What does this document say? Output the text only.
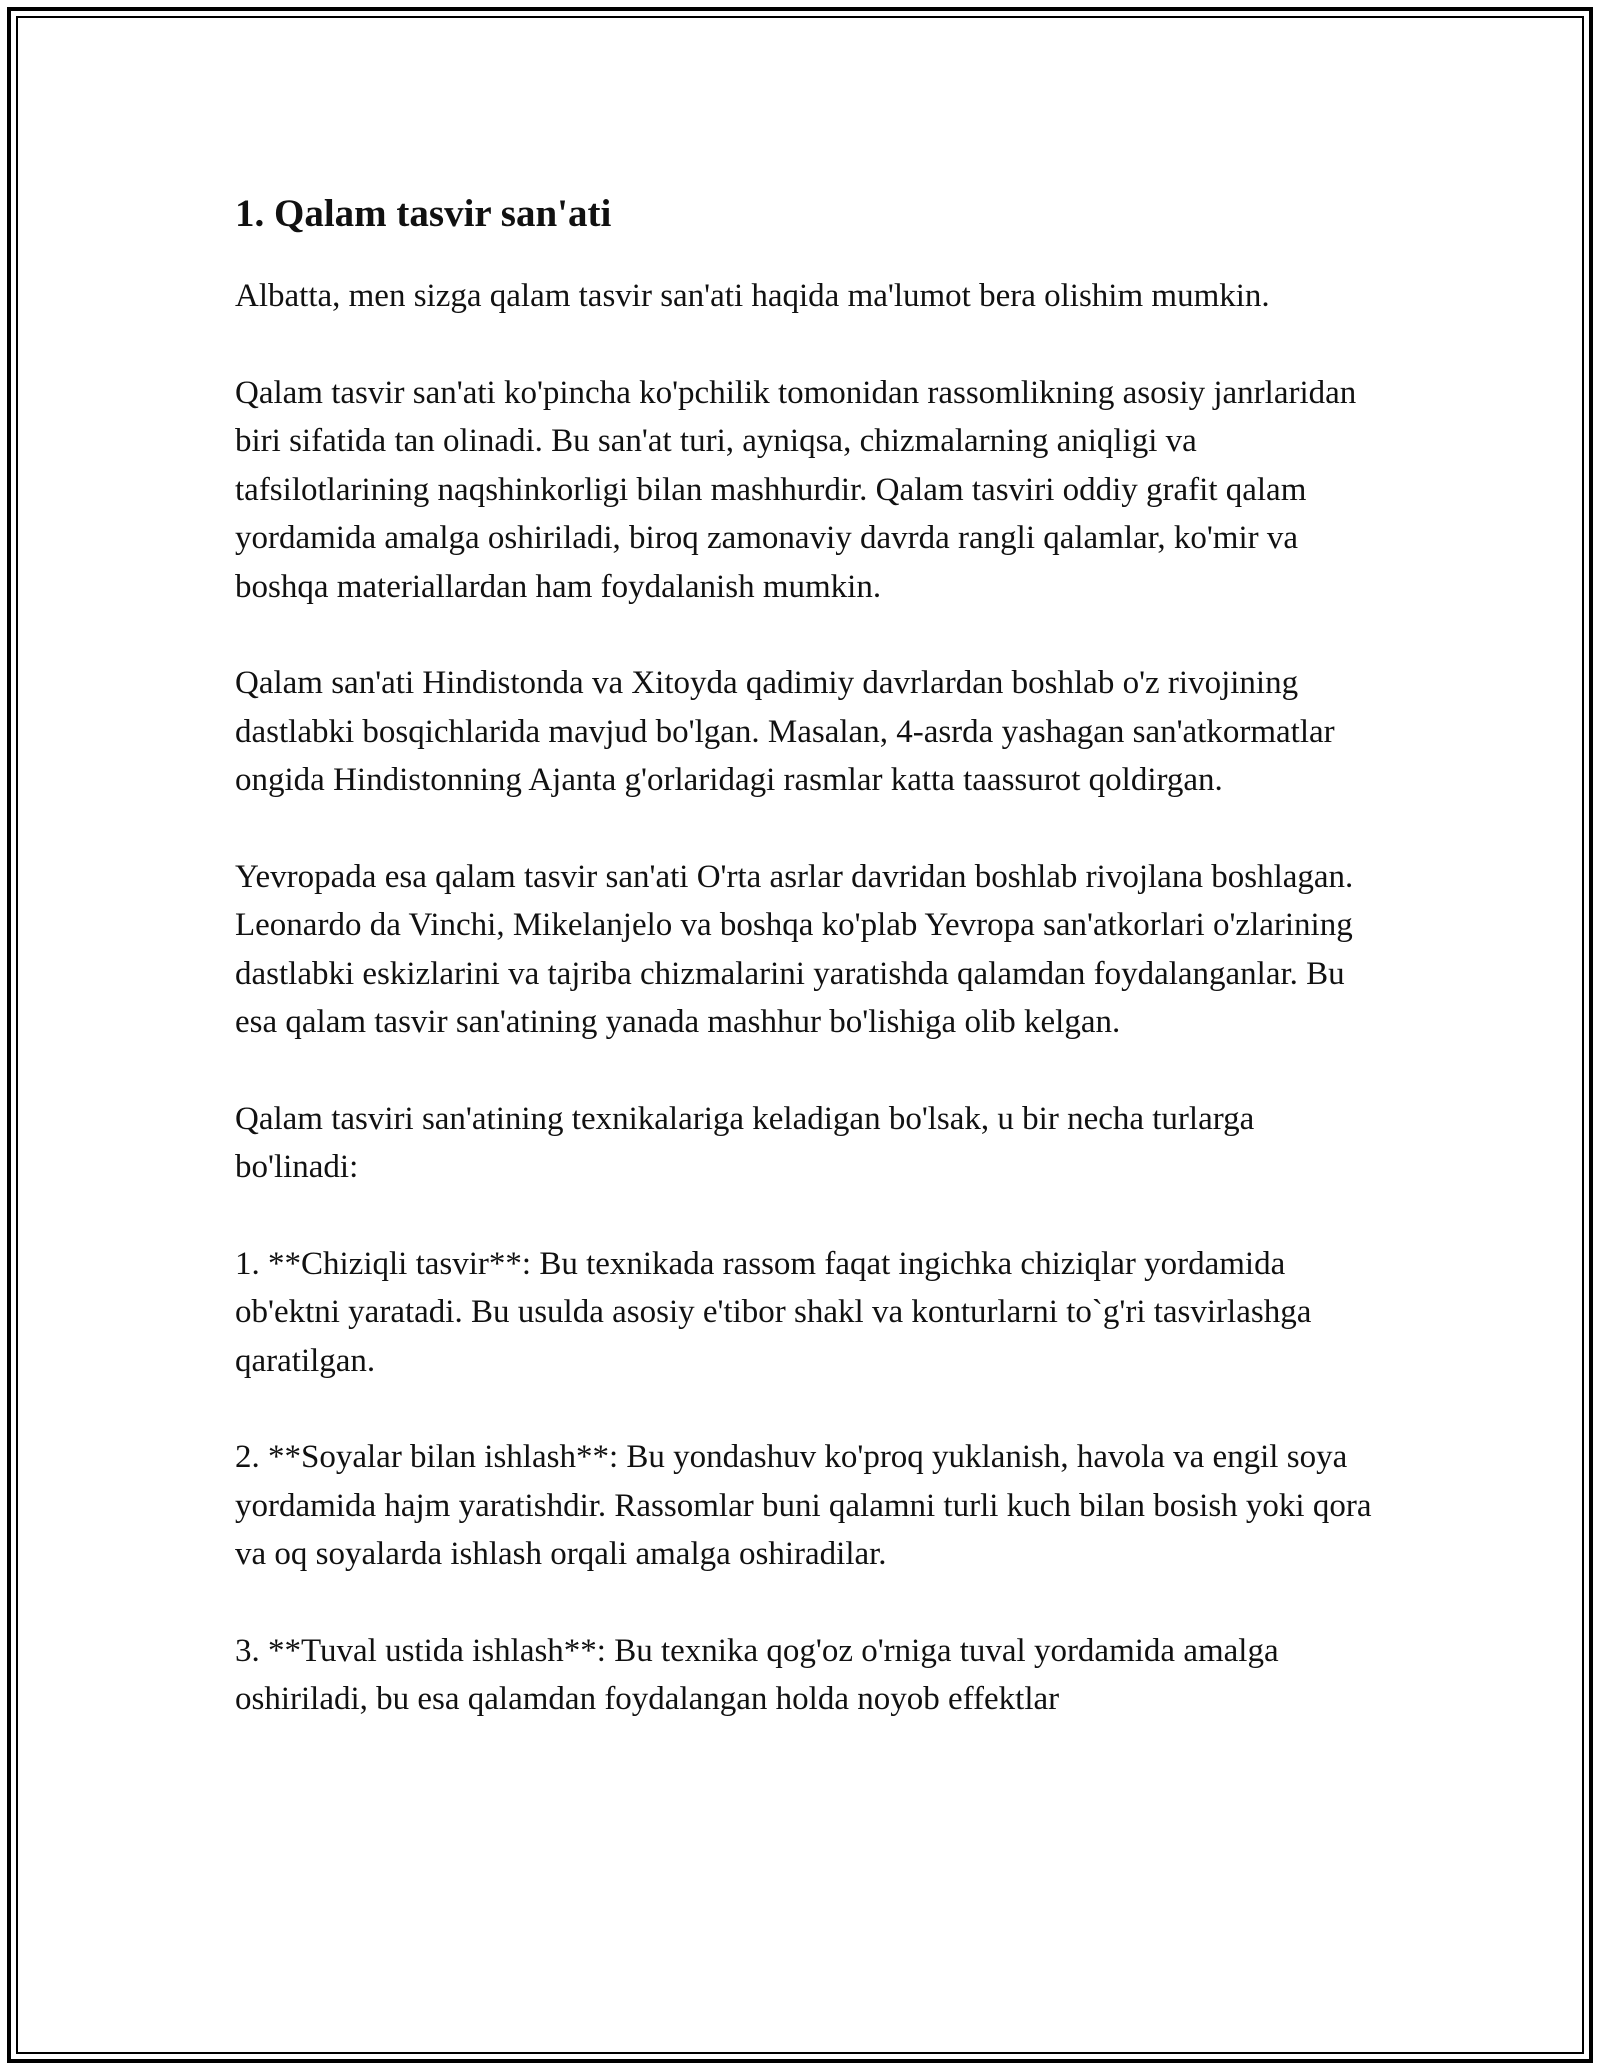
1. Qalam tasvir san'ati

Albatta, men sizga qalam tasvir san'ati haqida ma'lumot bera olishim mumkin.

Qalam tasvir san'ati ko'pincha ko'pchilik tomonidan rassomlikning asosiy janrlaridan biri sifatida tan olinadi. Bu san'at turi, ayniqsa, chizmalarning aniqligi va tafsilotlarining naqshinkorligi bilan mashhurdir. Qalam tasviri oddiy grafit qalam yordamida amalga oshiriladi, biroq zamonaviy davrda rangli qalamlar, ko'mir va boshqa materiallardan ham foydalanish mumkin.

Qalam san'ati Hindistonda va Xitoyda qadimiy davrlardan boshlab o'z rivojining dastlabki bosqichlarida mavjud bo'lgan. Masalan, 4-asrda yashagan san'atkormatlar ongida Hindistonning Ajanta g'orlaridagi rasmlar katta taassurot qoldirgan.

Yevropada esa qalam tasvir san'ati O'rta asrlar davridan boshlab rivojlana boshlagan. Leonardo da Vinchi, Mikelanjelo va boshqa ko'plab Yevropa san'atkorlari o'zlarining dastlabki eskizlarini va tajriba chizmalarini yaratishda qalamdan foydalanganlar. Bu esa qalam tasvir san'atining yanada mashhur bo'lishiga olib kelgan.

Qalam tasviri san'atining texnikalariga keladigan bo'lsak, u bir necha turlarga bo'linadi:

1. **Chiziqli tasvir**: Bu texnikada rassom faqat ingichka chiziqlar yordamida ob'ektni yaratadi. Bu usulda asosiy e'tibor shakl va konturlarni to`g'ri tasvirlashga qaratilgan.

2. **Soyalar bilan ishlash**: Bu yondashuv ko'proq yuklanish, havola va engil soya yordamida hajm yaratishdir. Rassomlar buni qalamni turli kuch bilan bosish yoki qora va oq soyalarda ishlash orqali amalga oshiradilar.

3. **Tuval ustida ishlash**: Bu texnika qog'oz o'rniga tuval yordamida amalga oshiriladi, bu esa qalamdan foydalangan holda noyob effektlar
